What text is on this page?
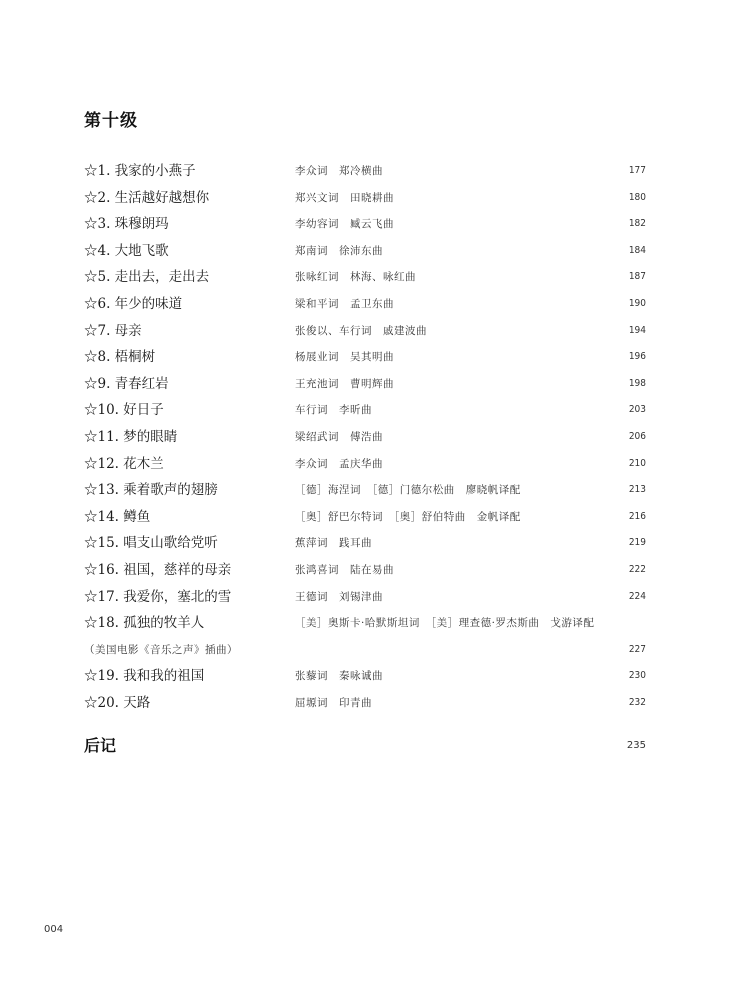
第十级
☆1. 我家的小燕子	李众词　郑冷横曲	177
☆2. 生活越好越想你	郑兴文词　田晓耕曲	180
☆3. 珠穆朗玛	李幼容词　臧云飞曲	182
☆4. 大地飞歌	郑南词　徐沛东曲	184
☆5. 走出去，走出去	张咏红词　林海、咏红曲	187
☆6. 年少的味道	梁和平词　孟卫东曲	190
☆7. 母亲	张俊以、车行词　戚建波曲	194
☆8. 梧桐树	杨展业词　吴其明曲	196
☆9. 青春红岩	王充池词　曹明辉曲	198
☆10. 好日子	车行词　李昕曲	203
☆11. 梦的眼睛	梁绍武词　傅浩曲	206
☆12. 花木兰	李众词　孟庆华曲	210
☆13. 乘着歌声的翅膀	［德］海涅词　［德］门德尔松曲　廖晓帆译配	213
☆14. 鳟鱼	［奥］舒巴尔特词　［奥］舒伯特曲　金帆译配	216
☆15. 唱支山歌给党听	蕉萍词　践耳曲	219
☆16. 祖国，慈祥的母亲	张鸿喜词　陆在易曲	222
☆17. 我爱你，塞北的雪	王德词　刘锡津曲	224
☆18. 孤独的牧羊人	［美］奥斯卡·哈默斯坦词　［美］理查德·罗杰斯曲　戈游译配
（美国电影《音乐之声》插曲）	227
☆19. 我和我的祖国	张藜词　秦咏诚曲	230
☆20. 天路	屈塬词　印青曲	232
后记	235
004
